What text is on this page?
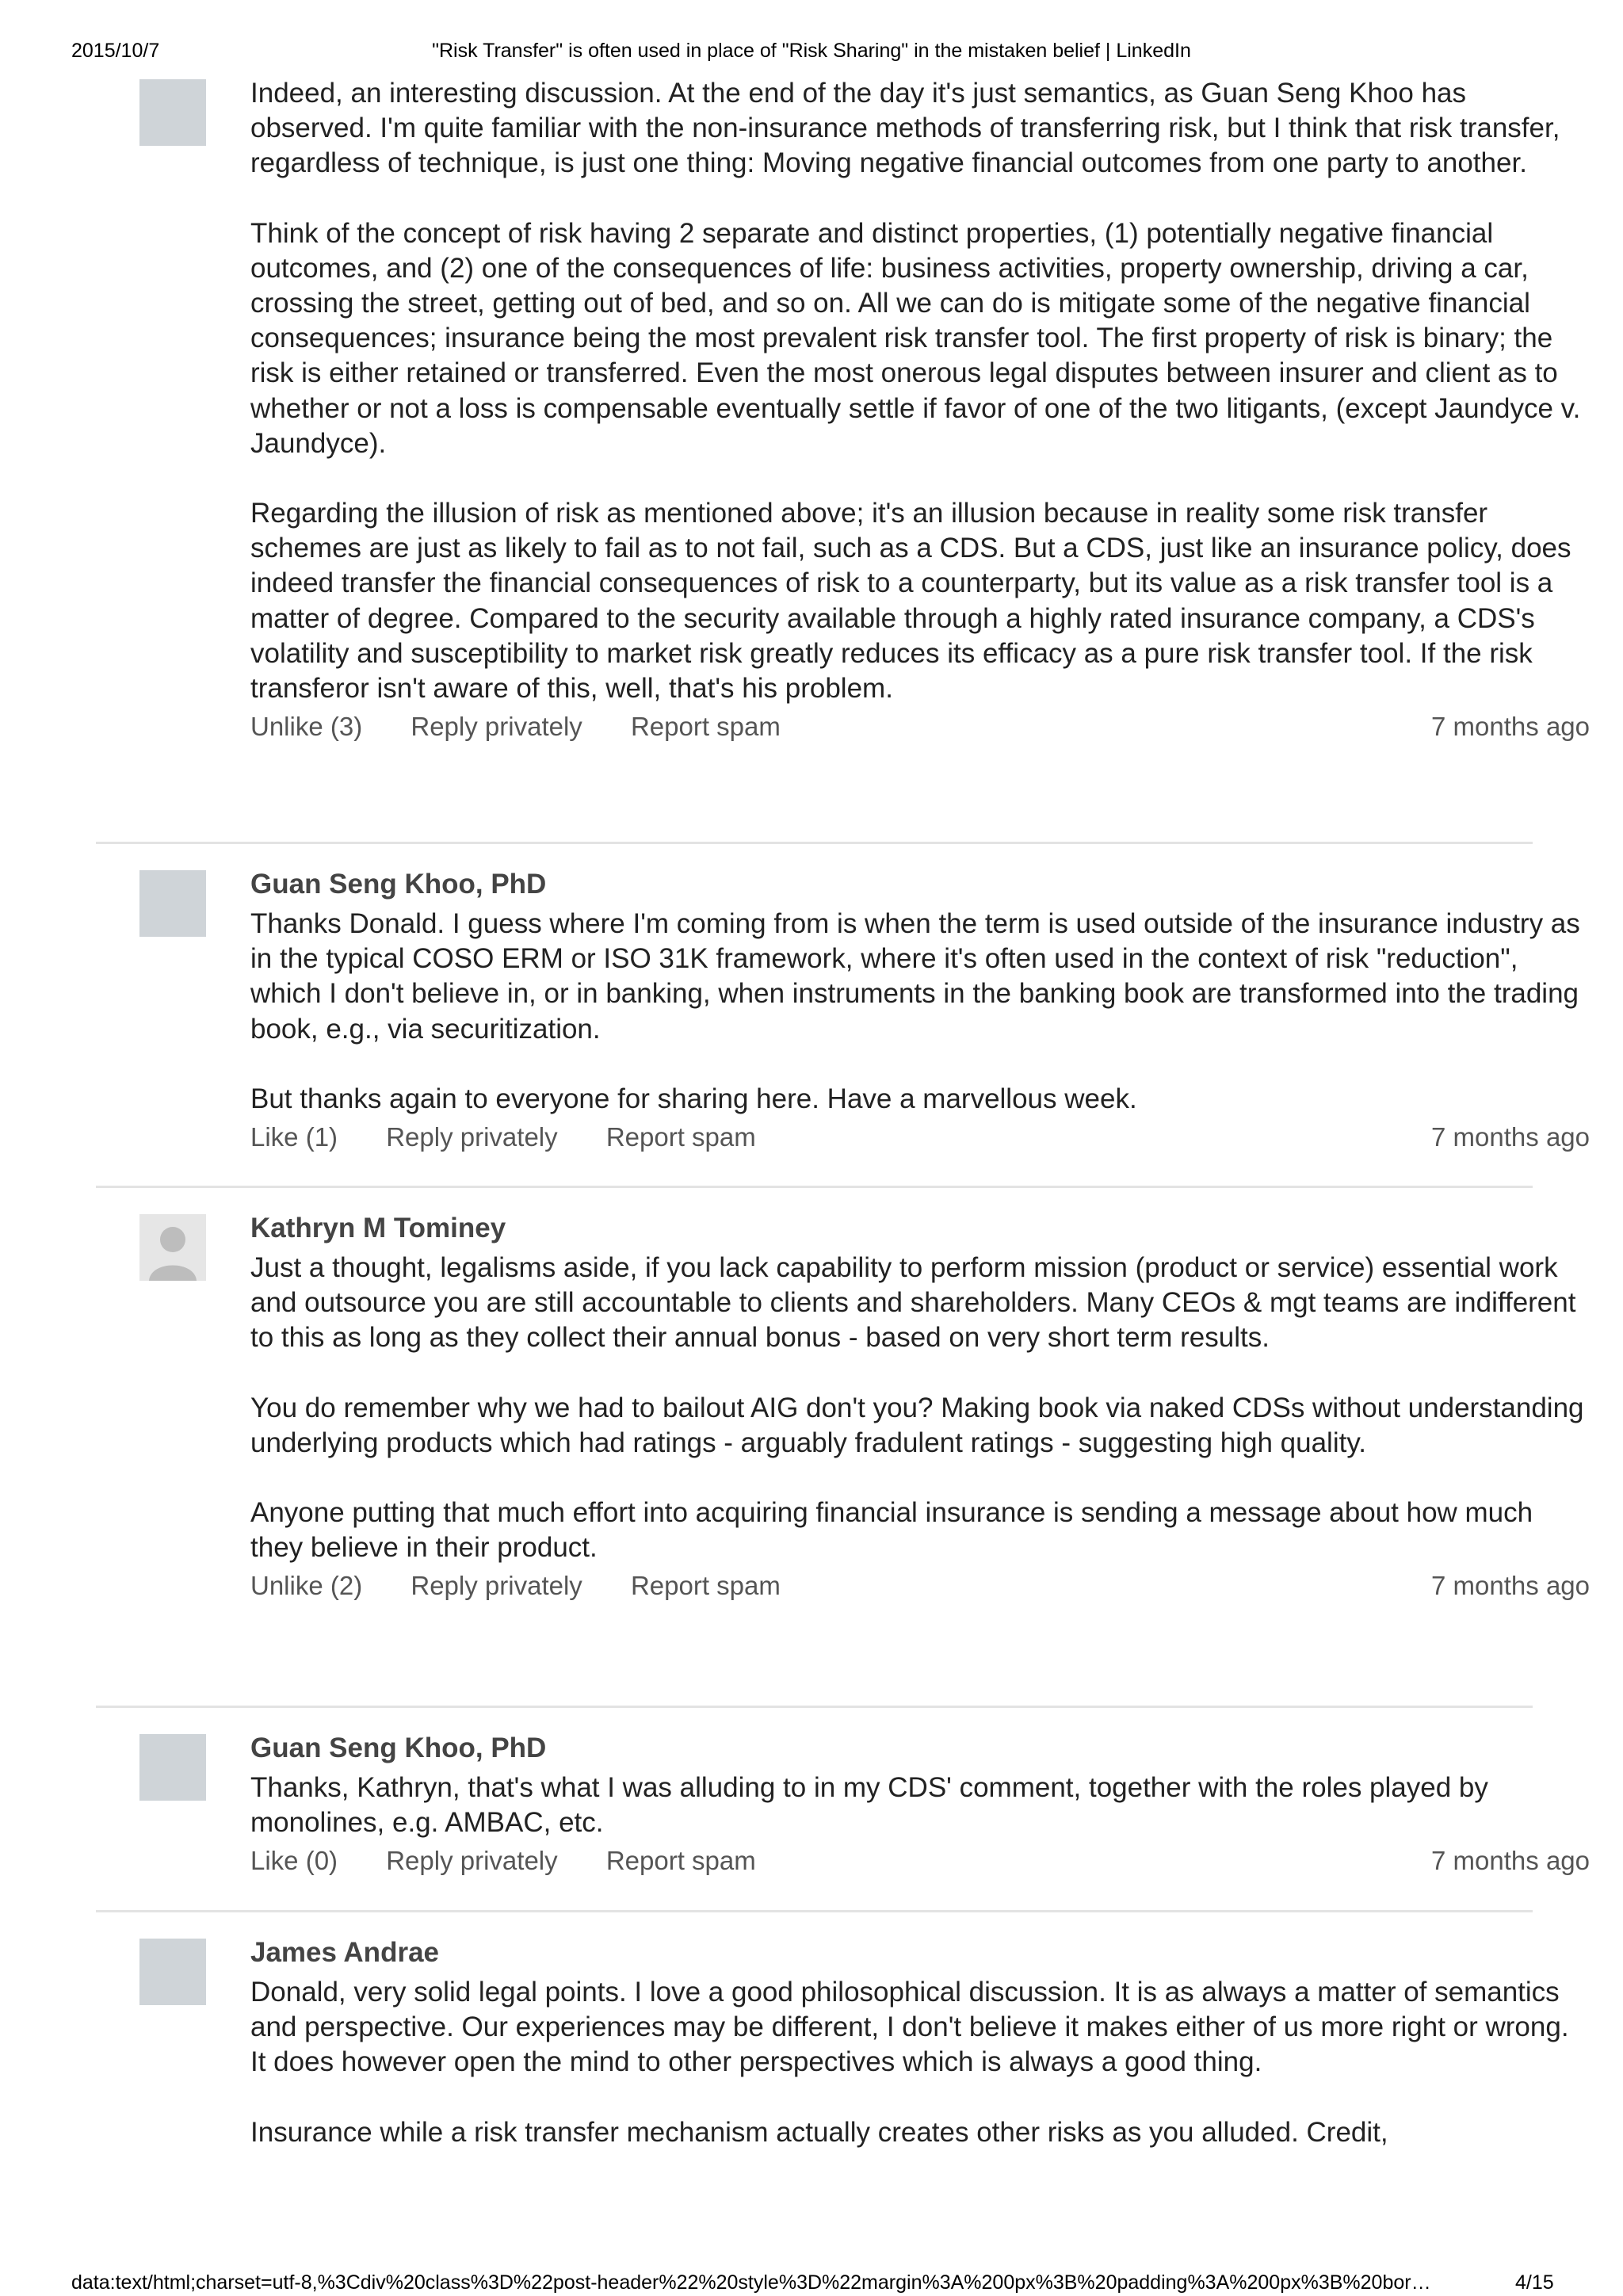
2015/10/7	"Risk Transfer" is often used in place of "Risk Sharing" in the mistaken belief | LinkedIn

Indeed, an interesting discussion. At the end of the day it's just semantics, as Guan Seng Khoo has observed. I'm quite familiar with the non-insurance methods of transferring risk, but I think that risk transfer, regardless of technique, is just one thing: Moving negative financial outcomes from one party to another.

Think of the concept of risk having 2 separate and distinct properties, (1) potentially negative financial outcomes, and (2) one of the consequences of life: business activities, property ownership, driving a car, crossing the street, getting out of bed, and so on. All we can do is mitigate some of the negative financial consequences; insurance being the most prevalent risk transfer tool. The first property of risk is binary; the risk is either retained or transferred. Even the most onerous legal disputes between insurer and client as to whether or not a loss is compensable eventually settle if favor of one of the two litigants, (except Jaundyce v. Jaundyce).

Regarding the illusion of risk as mentioned above; it's an illusion because in reality some risk transfer schemes are just as likely to fail as to not fail, such as a CDS. But a CDS, just like an insurance policy, does indeed transfer the financial consequences of risk to a counterparty, but its value as a risk transfer tool is a matter of degree. Compared to the security available through a highly rated insurance company, a CDS's volatility and susceptibility to market risk greatly reduces its efficacy as a pure risk transfer tool. If the risk transferor isn't aware of this, well, that's his problem.

Unlike (3) Reply privately Report spam	7 months ago

Guan Seng Khoo, PhD

Thanks Donald. I guess where I'm coming from is when the term is used outside of the insurance industry as in the typical COSO ERM or ISO 31K framework, where it's often used in the context of risk "reduction", which I don't believe in, or in banking, when instruments in the banking book are transformed into the trading book, e.g., via securitization.

But thanks again to everyone for sharing here. Have a marvellous week.

Like (1) Reply privately Report spam	7 months ago

Kathryn M Tominey

Just a thought, legalisms aside, if you lack capability to perform mission (product or service) essential work and outsource you are still accountable to clients and shareholders. Many CEOs & mgt teams are indifferent to this as long as they collect their annual bonus - based on very short term results.

You do remember why we had to bailout AIG don't you? Making book via naked CDSs without understanding underlying products which had ratings - arguably fradulent ratings - suggesting high quality.

Anyone putting that much effort into acquiring financial insurance is sending a message about how much they believe in their product.

Unlike (2) Reply privately Report spam	7 months ago

Guan Seng Khoo, PhD

Thanks, Kathryn, that's what I was alluding to in my CDS' comment, together with the roles played by monolines, e.g. AMBAC, etc.

Like (0) Reply privately Report spam	7 months ago

James Andrae

Donald, very solid legal points. I love a good philosophical discussion. It is as always a matter of semantics and perspective. Our experiences may be different, I don't believe it makes either of us more right or wrong. It does however open the mind to other perspectives which is always a good thing.

Insurance while a risk transfer mechanism actually creates other risks as you alluded. Credit,

data:text/html;charset=utf-8,%3Cdiv%20class%3D%22post-header%22%20style%3D%22margin%3A%200px%3B%20padding%3A%200px%3B%20bor…	4/15
